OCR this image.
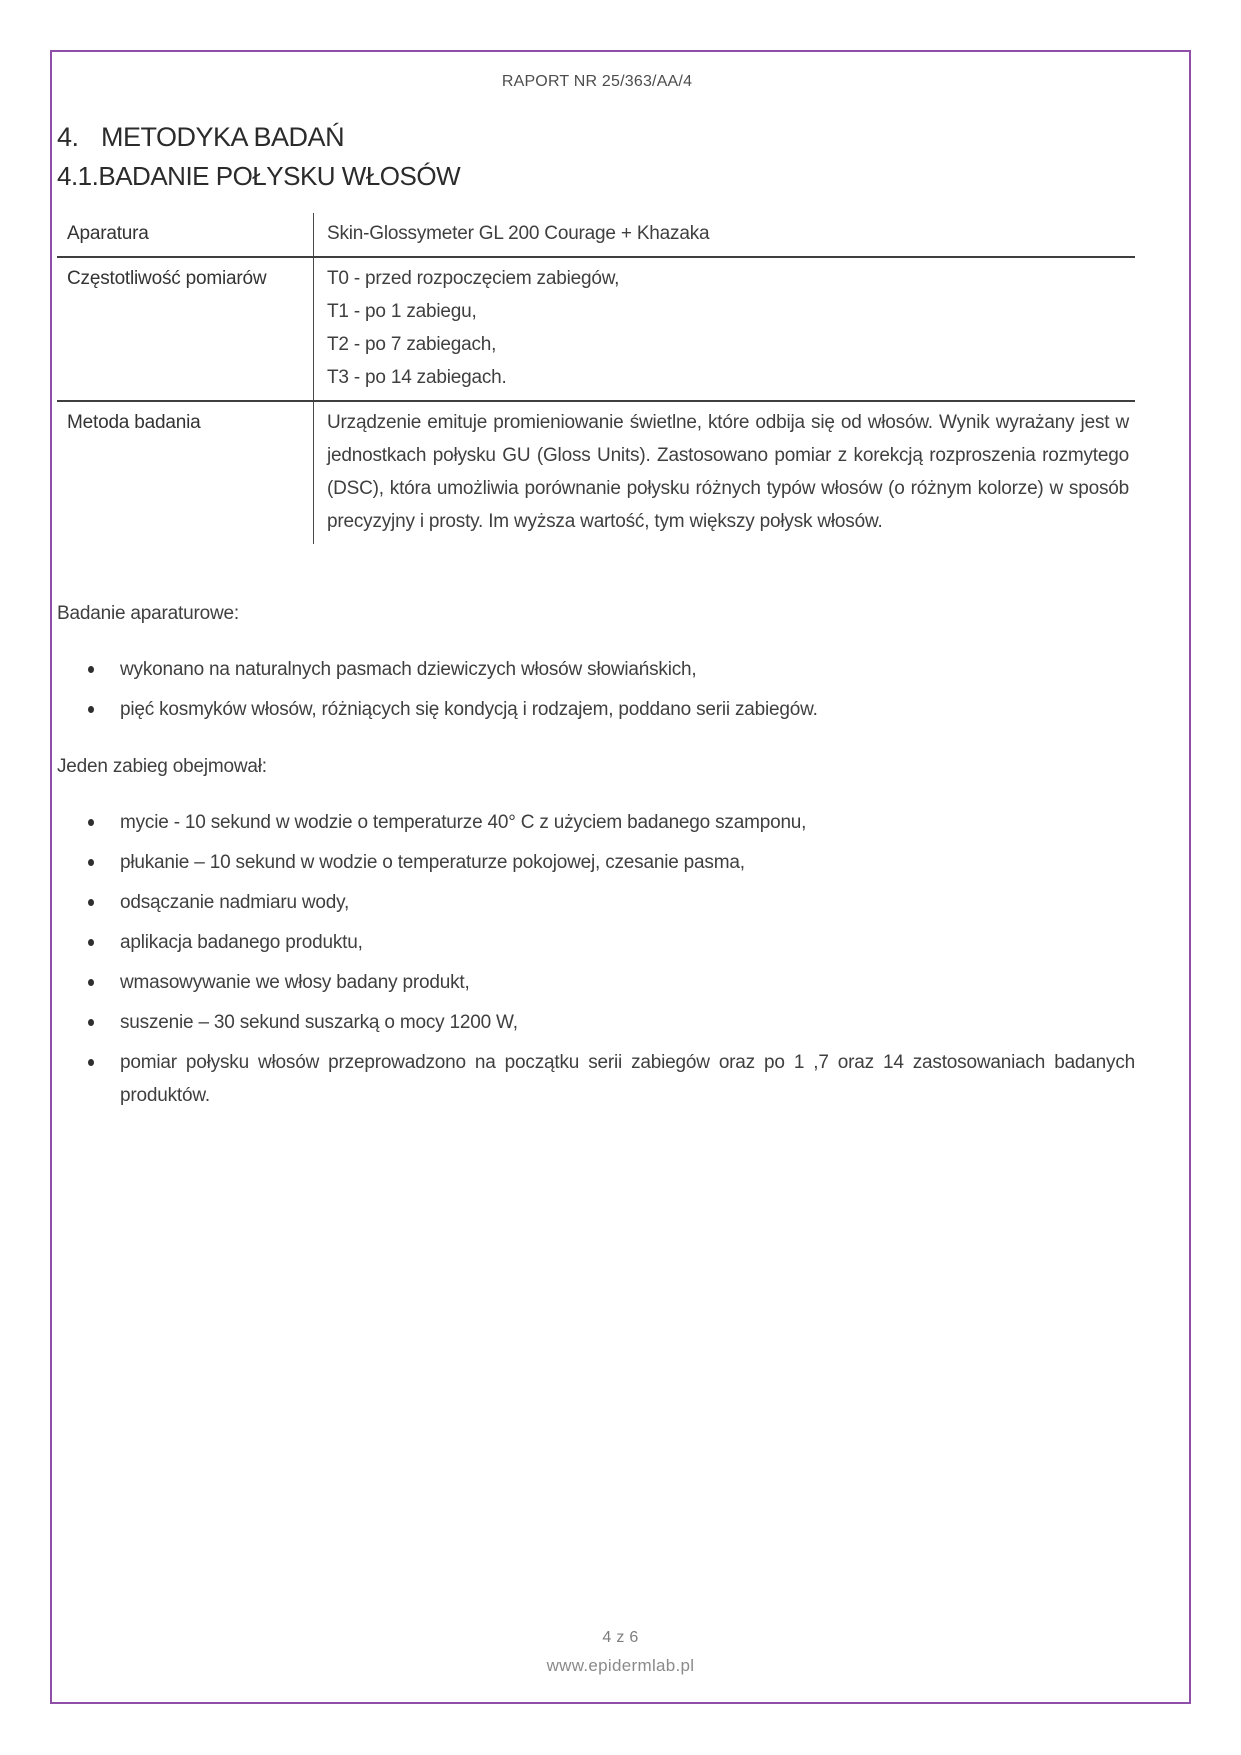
RAPORT NR 25/363/AA/4
4. METODYKA BADAŃ
4.1.BADANIE POŁYSKU WŁOSÓW
Aparatura	Skin-Glossymeter GL 200 Courage + Khazaka

Częstotliwość pomiarów	T0 - przed rozpoczęciem zabiegów,

T1 - po 1 zabiegu,

T2 - po 7 zabiegach,

T3 - po 14 zabiegach.

Metoda badania	Urządzenie emituje promieniowanie świetlne, które odbija się od włosów. Wynik wyrażany jest w jednostkach połysku GU (Gloss Units). Zastosowano pomiar z korekcją rozproszenia rozmytego (DSC), która umożliwia porównanie połysku różnych typów włosów (o różnym kolorze) w sposób precyzyjny i prosty. Im wyższa wartość, tym większy połysk włosów.

Badanie aparaturowe:

wykonano na naturalnych pasmach dziewiczych włosów słowiańskich,
pięć kosmyków włosów, różniących się kondycją i rodzajem, poddano serii zabiegów.

Jeden zabieg obejmował:

mycie - 10 sekund w wodzie o temperaturze 40° C z użyciem badanego szamponu,
płukanie – 10 sekund w wodzie o temperaturze pokojowej, czesanie pasma,
odsączanie nadmiaru wody,
aplikacja badanego produktu,
wmasowywanie we włosy badany produkt,
suszenie – 30 sekund suszarką o mocy 1200 W,
pomiar połysku włosów przeprowadzono na początku serii zabiegów oraz po 1 ,7 oraz 14 zastosowaniach badanych produktów.
4 z 6
www.epidermlab.pl
